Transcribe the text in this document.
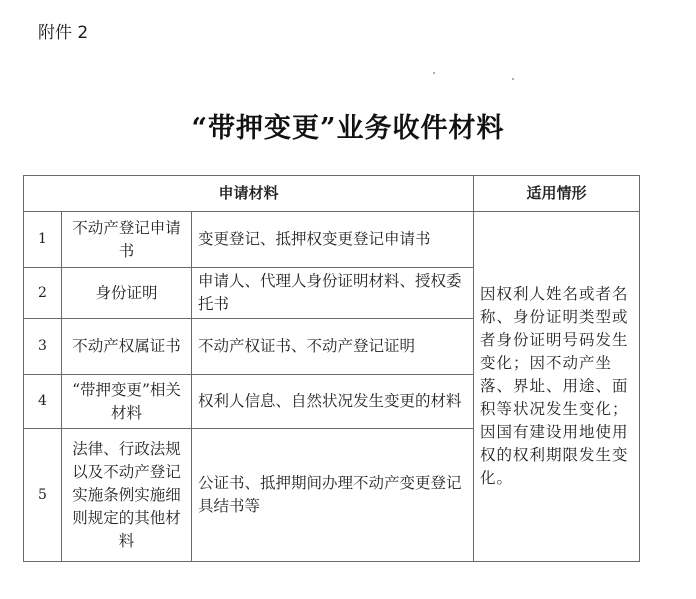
附件 2
“带押变更”业务收件材料
申请材料			适用情形
1	不动产登记申请书	变更登记、抵押权变更登记申请书	因权利人姓名或者名称、身份证明类型或者身份证明号码发生变化；因不动产坐落、界址、用途、面积等状况发生变化；因国有建设用地使用权的权利期限发生变化。
2	身份证明	申请人、代理人身份证明材料、授权委托书	
3	不动产权属证书	不动产权证书、不动产登记证明	
4	“带押变更”相关材料	权利人信息、自然状况发生变更的材料	
5	法律、行政法规以及不动产登记实施条例实施细则规定的其他材料	公证书、抵押期间办理不动产变更登记具结书等	
